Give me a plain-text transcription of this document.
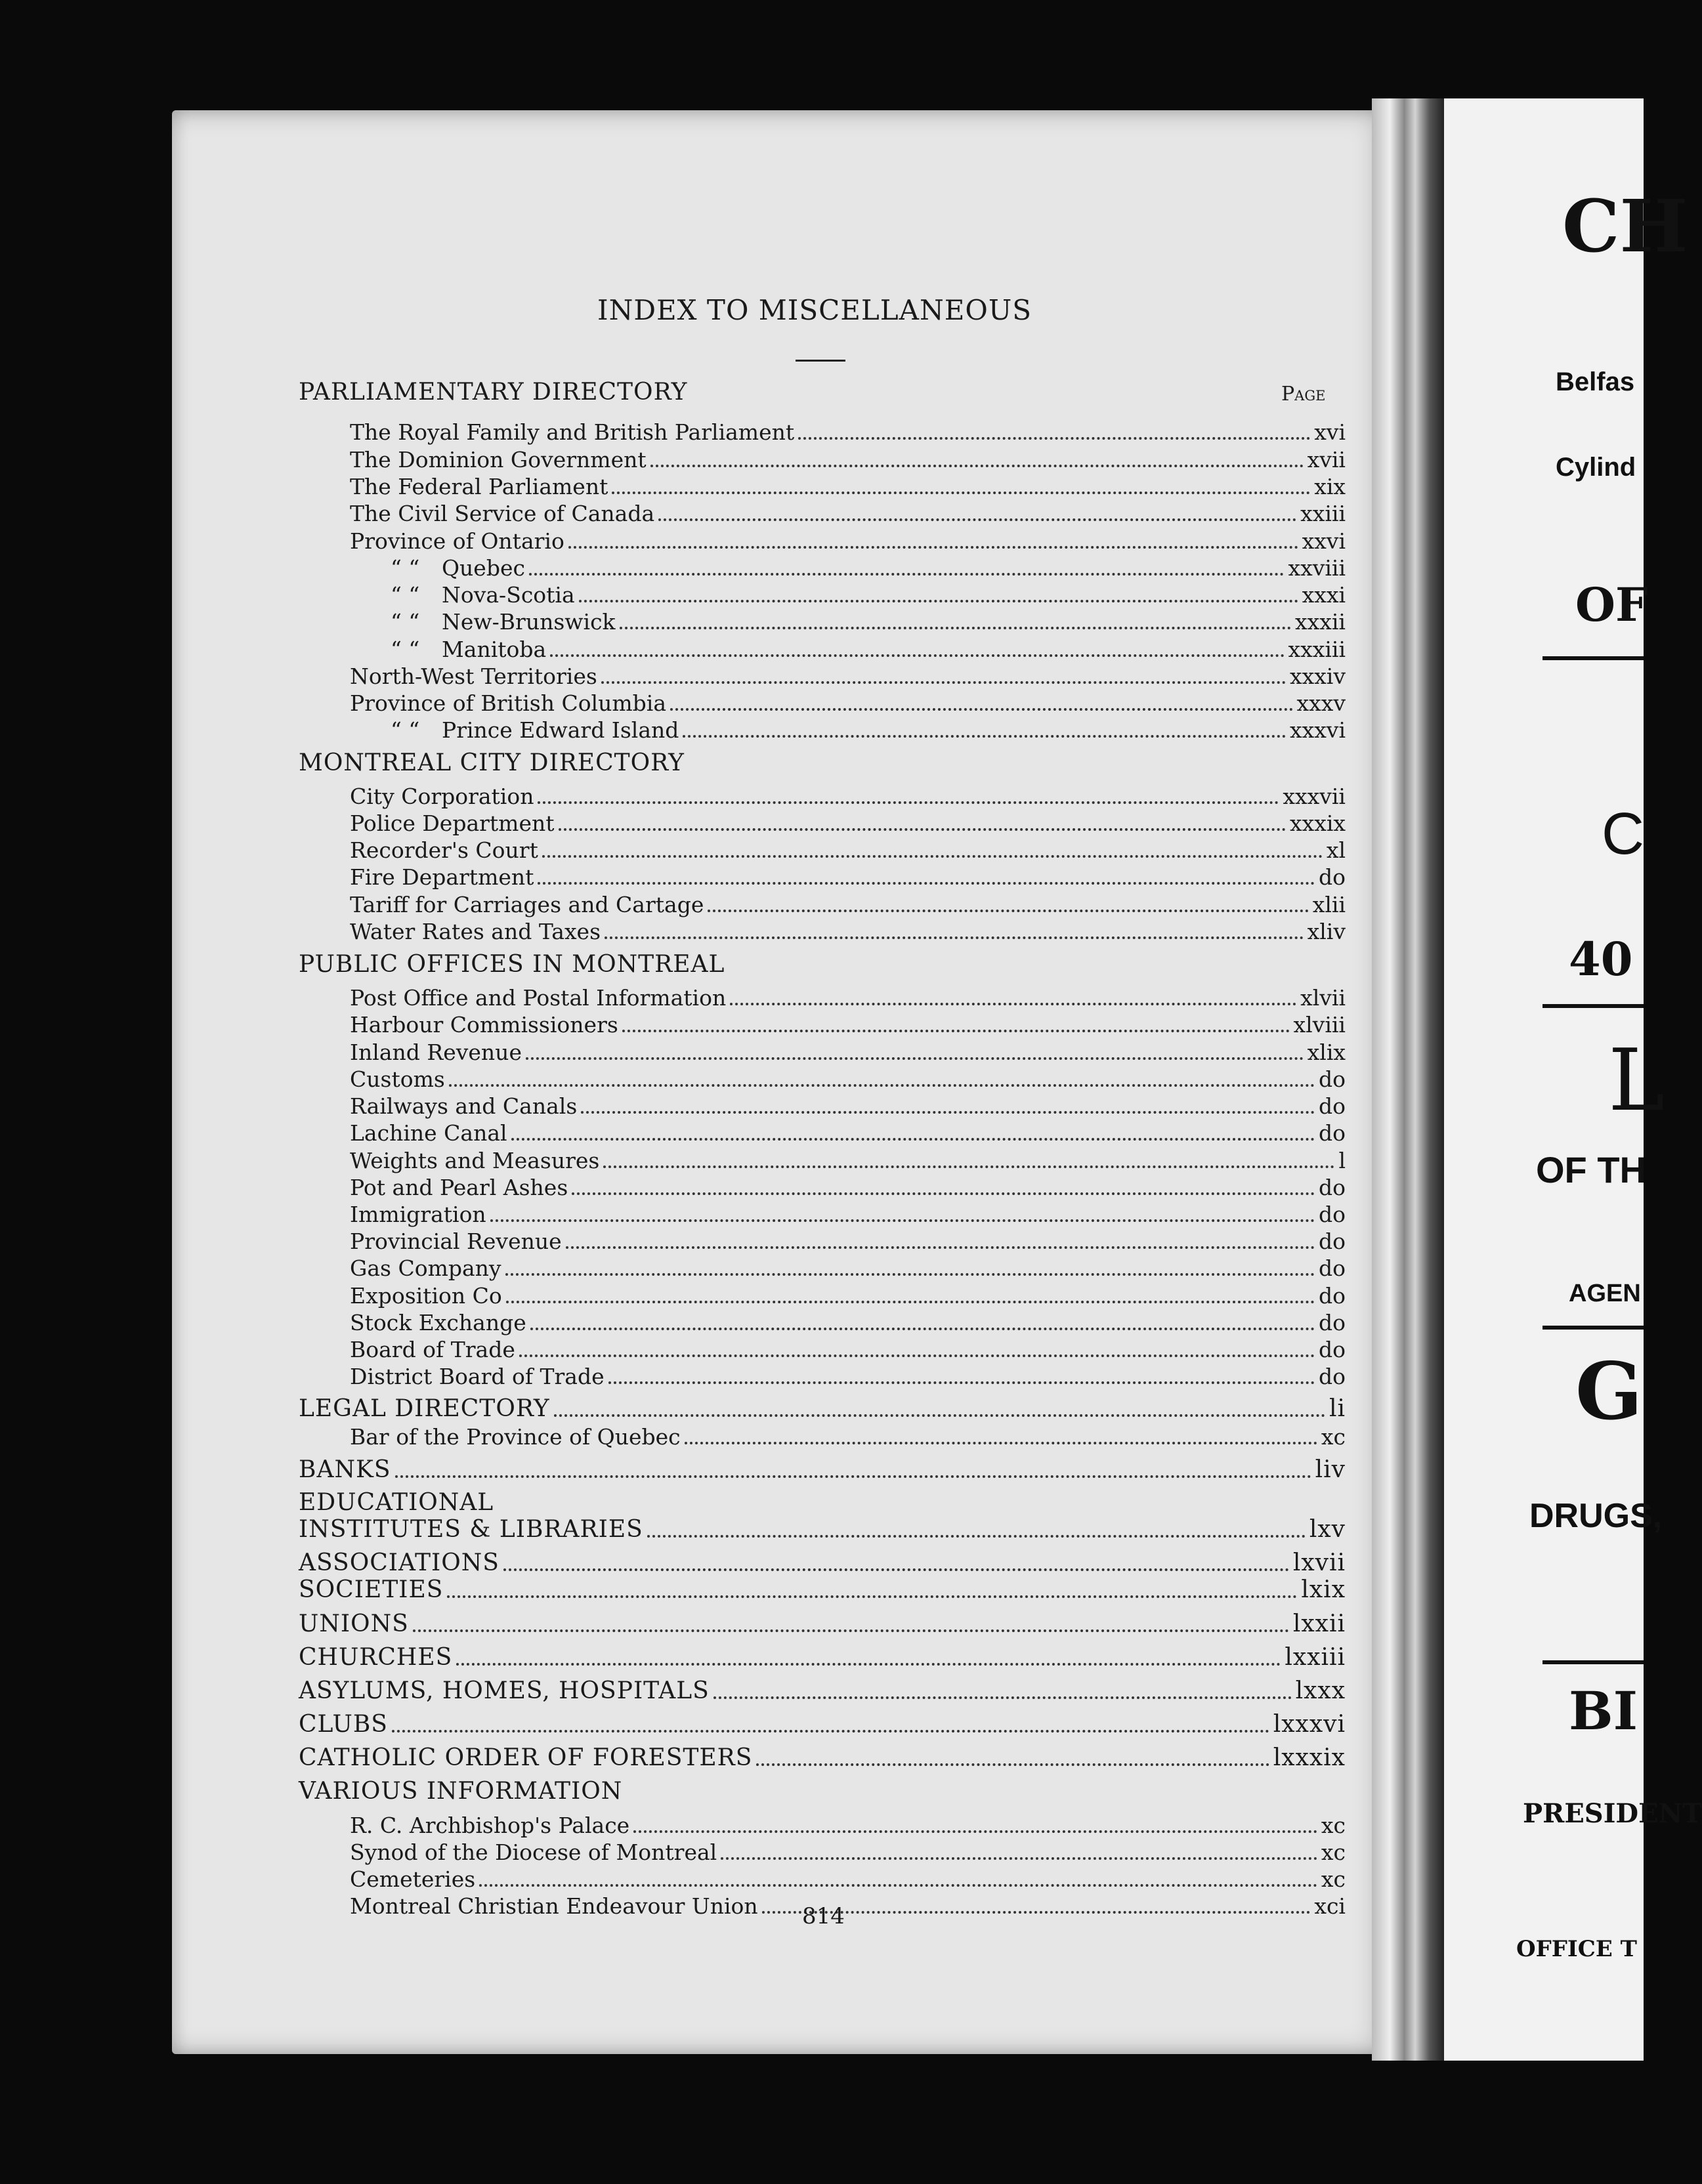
CH
Belfas
Cylind
OF
C
40
L
OF TH
AGEN
G
DRUGS,
BI
PRESIDENT
OFFICE T
INDEX TO MISCELLANEOUS
Page
PARLIAMENTARY DIRECTORY
The Royal Family and British Parliament	xvi
The Dominion Government	xvii
The Federal Parliament	xix
The Civil Service of Canada	xxiii
Province of Ontario	xxvi
“ “	Quebec	xxviii
“ “	Nova-Scotia	xxxi
“ “	New-Brunswick	xxxii
“ “	Manitoba	xxxiii
North-West Territories	xxxiv
Province of British Columbia	xxxv
“ “	Prince Edward Island	xxxvi
MONTREAL CITY DIRECTORY
City Corporation	xxxvii
Police Department	xxxix
Recorder's Court	xl
Fire Department	do
Tariff for Carriages and Cartage	xlii
Water Rates and Taxes	xliv
PUBLIC OFFICES IN MONTREAL
Post Office and Postal Information	xlvii
Harbour Commissioners	xlviii
Inland Revenue	xlix
Customs	do
Railways and Canals	do
Lachine Canal	do
Weights and Measures	l
Pot and Pearl Ashes	do
Immigration	do
Provincial Revenue	do
Gas Company	do
Exposition Co	do
Stock Exchange	do
Board of Trade	do
District Board of Trade	do
LEGAL DIRECTORY	li
Bar of the Province of Quebec	xc
BANKS	liv
EDUCATIONAL
INSTITUTES & LIBRARIES	lxv
ASSOCIATIONS	lxvii
SOCIETIES	lxix
UNIONS	lxxii
CHURCHES	lxxiii
ASYLUMS, HOMES, HOSPITALS	lxxx
CLUBS	lxxxvi
CATHOLIC ORDER OF FORESTERS	lxxxix
VARIOUS INFORMATION
R. C. Archbishop's Palace	xc
Synod of the Diocese of Montreal	xc
Cemeteries	xc
Montreal Christian Endeavour Union	xci
814
